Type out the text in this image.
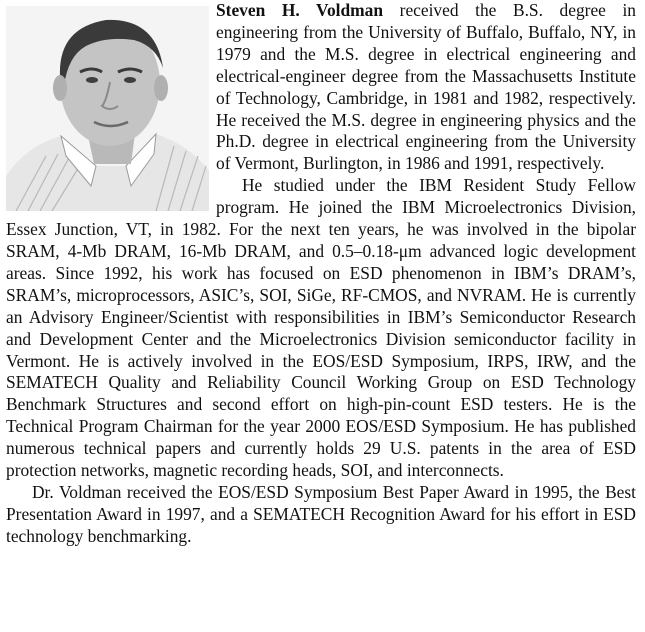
Steven H. Voldman received the B.S. degree in engineering from the University of Buffalo, Buffalo, NY, in 1979 and the M.S. degree in electrical engineering and electrical-engineer degree from the Massachusetts Institute of Technology, Cambridge, in 1981 and 1982, respectively. He received the M.S. degree in engineering physics and the Ph.D. degree in electrical engineering from the University of Vermont, Burlington, in 1986 and 1991, respectively.

He studied under the IBM Resident Study Fellow program. He joined the IBM Microelectronics Division, Essex Junction, VT, in 1982. For the next ten years, he was involved in the bipolar SRAM, 4-Mb DRAM, 16-Mb DRAM, and 0.5–0.18-μm advanced logic development areas. Since 1992, his work has focused on ESD phenomenon in IBM’s DRAM’s, SRAM’s, microprocessors, ASIC’s, SOI, SiGe, RF-CMOS, and NVRAM. He is currently an Advisory Engineer/Scientist with responsibilities in IBM’s Semiconductor Research and Development Center and the Microelectronics Division semiconductor facility in Vermont. He is actively involved in the EOS/ESD Symposium, IRPS, IRW, and the SEMATECH Quality and Reliability Council Working Group on ESD Technology Benchmark Structures and second effort on high-pin-count ESD testers. He is the Technical Program Chairman for the year 2000 EOS/ESD Symposium. He has published numerous technical papers and currently holds 29 U.S. patents in the area of ESD protection networks, magnetic recording heads, SOI, and interconnects.

Dr. Voldman received the EOS/ESD Symposium Best Paper Award in 1995, the Best Presentation Award in 1997, and a SEMATECH Recognition Award for his effort in ESD technology benchmarking.
